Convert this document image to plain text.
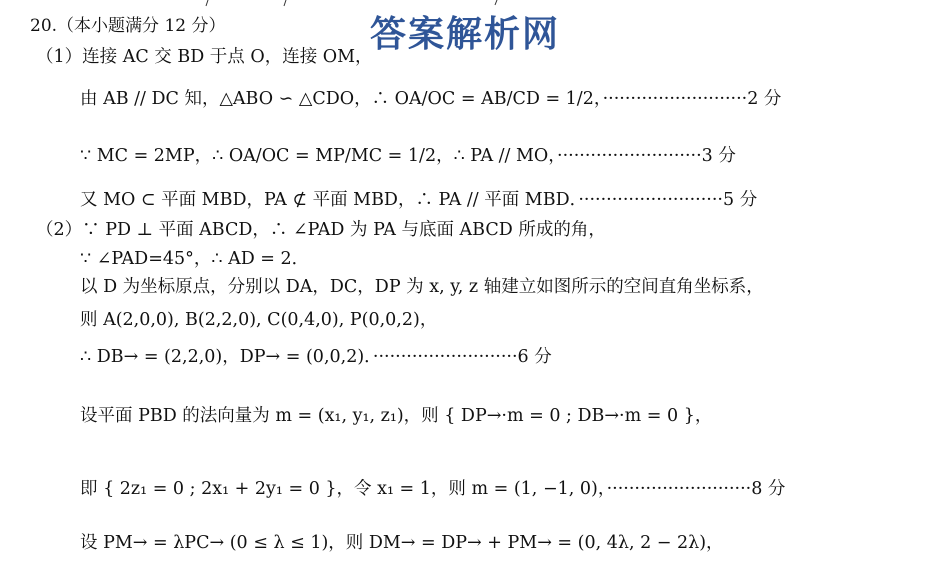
答案解析网
20.（本小题满分 12 分）
（1）连接 AC 交 BD 于点 O，连接 OM，
由 AB // DC 知，△ABO ∽ △CDO，∴ OA/OC = AB/CD = 1/2，··························2 分
∵ MC = 2MP，∴ OA/OC = MP/MC = 1/2，∴ PA // MO，··························3 分
又 MO ⊂ 平面 MBD，PA ⊄ 平面 MBD，∴ PA // 平面 MBD．··························5 分
（2）∵ PD ⊥ 平面 ABCD，∴ ∠PAD 为 PA 与底面 ABCD 所成的角，
∵ ∠PAD=45°，∴ AD = 2．
以 D 为坐标原点，分别以 DA，DC，DP 为 x, y, z 轴建立如图所示的空间直角坐标系，
则 A(2,0,0), B(2,2,0), C(0,4,0), P(0,0,2)，
∴ DB→ = (2,2,0)，DP→ = (0,0,2)．··························6 分
设平面 PBD 的法向量为 m = (x₁, y₁, z₁)，则 { DP→·m = 0 ; DB→·m = 0 }，
即 { 2z₁ = 0 ; 2x₁ + 2y₁ = 0 }，令 x₁ = 1，则 m = (1, −1, 0)，··························8 分
设 PM→ = λPC→ (0 ≤ λ ≤ 1)，则 DM→ = DP→ + PM→ = (0, 4λ, 2 − 2λ)，
